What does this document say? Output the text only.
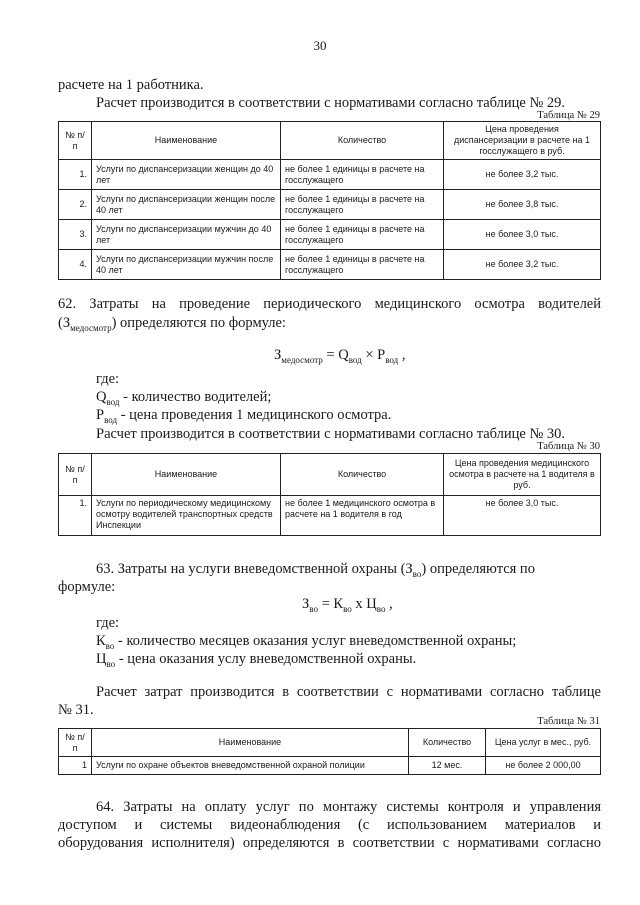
30
расчете на 1 работника.
Расчет производится в соответствии с нормативами согласно таблице № 29.
Таблица № 29
№ п/п	Наименование	Количество	Цена проведения диспансеризации в расчете на 1 госслужащего в руб.
1.	Услуги по диспансеризации женщин до 40 лет	не более 1 единицы в расчете на госслужащего	не более 3,2 тыс.
2.	Услуги по диспансеризации женщин после 40 лет	не более 1 единицы в расчете на госслужащего	не более 3,8 тыс.
3.	Услуги по диспансеризации мужчин до 40 лет	не более 1 единицы в расчете на госслужащего	не более 3,0 тыс.
4.	Услуги по диспансеризации мужчин после 40 лет	не более 1 единицы в расчете на госслужащего	не более 3,2 тыс.
62. Затраты на проведение периодического медицинского осмотра водителей
$(З_{медосмотр})$ определяются по формуле:
$З_{медосмотр} = Q_{вод} \times P_{вод}$ ,
где:
$Q_{вод}$ - количество водителей;
$P_{вод}$ - цена проведения 1 медицинского осмотра.
Расчет производится в соответствии с нормативами согласно таблице № 30.
Таблица № 30
№ п/п	Наименование	Количество	Цена проведения медицинского осмотра в расчете на 1 водителя в руб.
1.	Услуги по периодическому медицинскому осмотру водителей транспортных средств Инспекции	не более 1 медицинского осмотра в расчете на 1 водителя в год	не более 3,0 тыс.
63. Затраты на услуги вневедомственной охраны $(З_{во})$ определяются по
формуле:
$З_{во} = К_{во}$ х $Ц_{во}$ ,
где:
$К_{во}$ - количество месяцев оказания услуг вневедомственной охраны;
$Ц_{во}$ - цена оказания услу вневедомственной охраны.
Расчет затрат производится в соответствии с нормативами согласно таблице
№ 31.
Таблица № 31
№ п/п	Наименование	Количество	Цена услуг в мес., руб.
1	Услуги по охране объектов вневедомственной охраной полиции	12 мес.	не более 2 000,00
64. Затраты на оплату услуг по монтажу системы контроля и управления
доступом и системы видеонаблюдения (с использованием материалов и
оборудования исполнителя) определяются в соответствии с нормативами согласно
